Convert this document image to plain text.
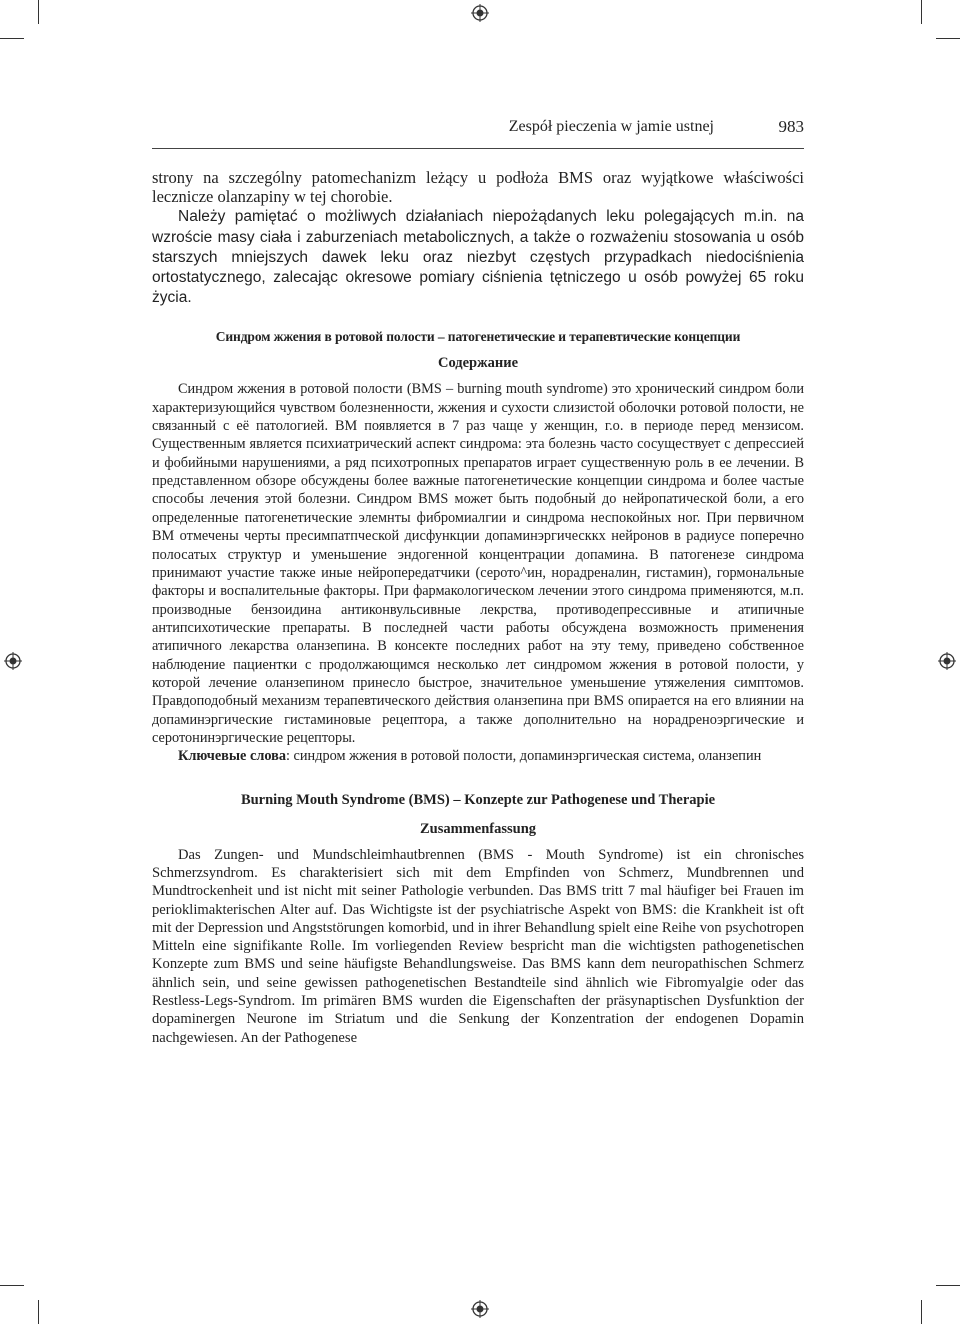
Zespół pieczenia w jamie ustnej	983

strony na szczególny patomechanizm leżący u podłoża BMS oraz wyjątkowe właściwości lecznicze olanzapiny w tej chorobie.

Należy pamiętać o możliwych działaniach niepożądanych leku polegających m.in. na wzroście masy ciała i zaburzeniach metabolicznych, a także o rozważeniu stosowania u osób starszych mniejszych dawek leku oraz niezbyt częstych przypadkach niedociśnienia ortostatycznego, zalecając okresowe pomiary ciśnienia tętniczego u osób powyżej 65 roku życia.

Синдром жжения в ротовой полости – патогенетические и терапевтические концепции

Содержание

Синдром жжения в ротовой полости (BMS – burning mouth syndrome) это хронический синдром боли характеризующийся чувством болезненности, жжения и сухости слизистой оболочки ротовой полости, не связанный с её патологией. ВМ появляется в 7 раз чаще у женщин, г.о. в периоде перед мензисом. Существенным является психиатрический аспект синдрома: эта болезнь часто сосуществует с депрессией и фобийными нарушениями, а ряд психотропных препаратов играет существенную роль в ее лечении. В представленном обзоре обсуждены более важные патогенетические концепции синдрома и более частые способы лечения этой болезни. Синдром BMS может быть подобный до нейропатической боли, а его определенные патогенетические элемнты фибромиалгии и синдрома неспокойных ног. При первичном ВМ отмечены черты пресимпатпческой дисфункции допаминэргическкх нейронов в радиусе поперечно полосатых структур и уменьшение эндогенной концентрации допамина. В патогенезе синдрома принимают участие также иные нейропередатчики (серото^ин, норадреналин, гистамин), гормональные факторы и воспалительные факторы. При фармакологическом лечении этого синдрома применяются, м.п. производные бензоидина антиконвульсивные лекрства, противодепрессивные и атипичные антипсихотические препараты. В последней части работы обсуждена возможность применения атипичного лекарства оланзепина. В консекте последних работ на эту тему, приведено собственное наблюдение пациентки с продолжающимся несколько лет синдромом жжения в ротовой полости, у которой лечение оланзепином принесло быстрое, значительное уменьшение утяжеления симптомов. Правдоподобный механизм терапевтического действия оланзепина при BMS опирается на его влиянии на допаминэргические гистаминовые рецептора, а также дополнительно на норадреноэргические и серотонинэргические рецепторы.

Ключевые слова: синдром жжения в ротовой полости, допаминэргическая система, оланзепин

Burning Mouth Syndrome (BMS) – Konzepte zur Pathogenese und Therapie

Zusammenfassung

Das Zungen- und Mundschleimhautbrennen (BMS - Mouth Syndrome) ist ein chronisches Schmerzsyndrom. Es charakterisiert sich mit dem Empfinden von Schmerz, Mundbrennen und Mundtrockenheit und ist nicht mit seiner Pathologie verbunden. Das BMS tritt 7 mal häufiger bei Frauen im perioklimakterischen Alter auf. Das Wichtigste ist der psychiatrische Aspekt von BMS: die Krankheit ist oft mit der Depression und Angststörungen komorbid, und in ihrer Behandlung spielt eine Reihe von psychotropen Mitteln eine signifikante Rolle. Im vorliegenden Review bespricht man die wichtigsten pathogenetischen Konzepte zum BMS und seine häufigste Behandlungsweise. Das BMS kann dem neuropathischen Schmerz ähnlich sein, und seine gewissen pathogenetischen Bestandteile sind ähnlich wie Fibromyalgie oder das Restless-Legs-Syndrom. Im primären BMS wurden die Eigenschaften der präsynaptischen Dysfunktion der dopaminergen Neurone im Striatum und die Senkung der Konzentration der endogenen Dopamin nachgewiesen. An der Pathogenese
